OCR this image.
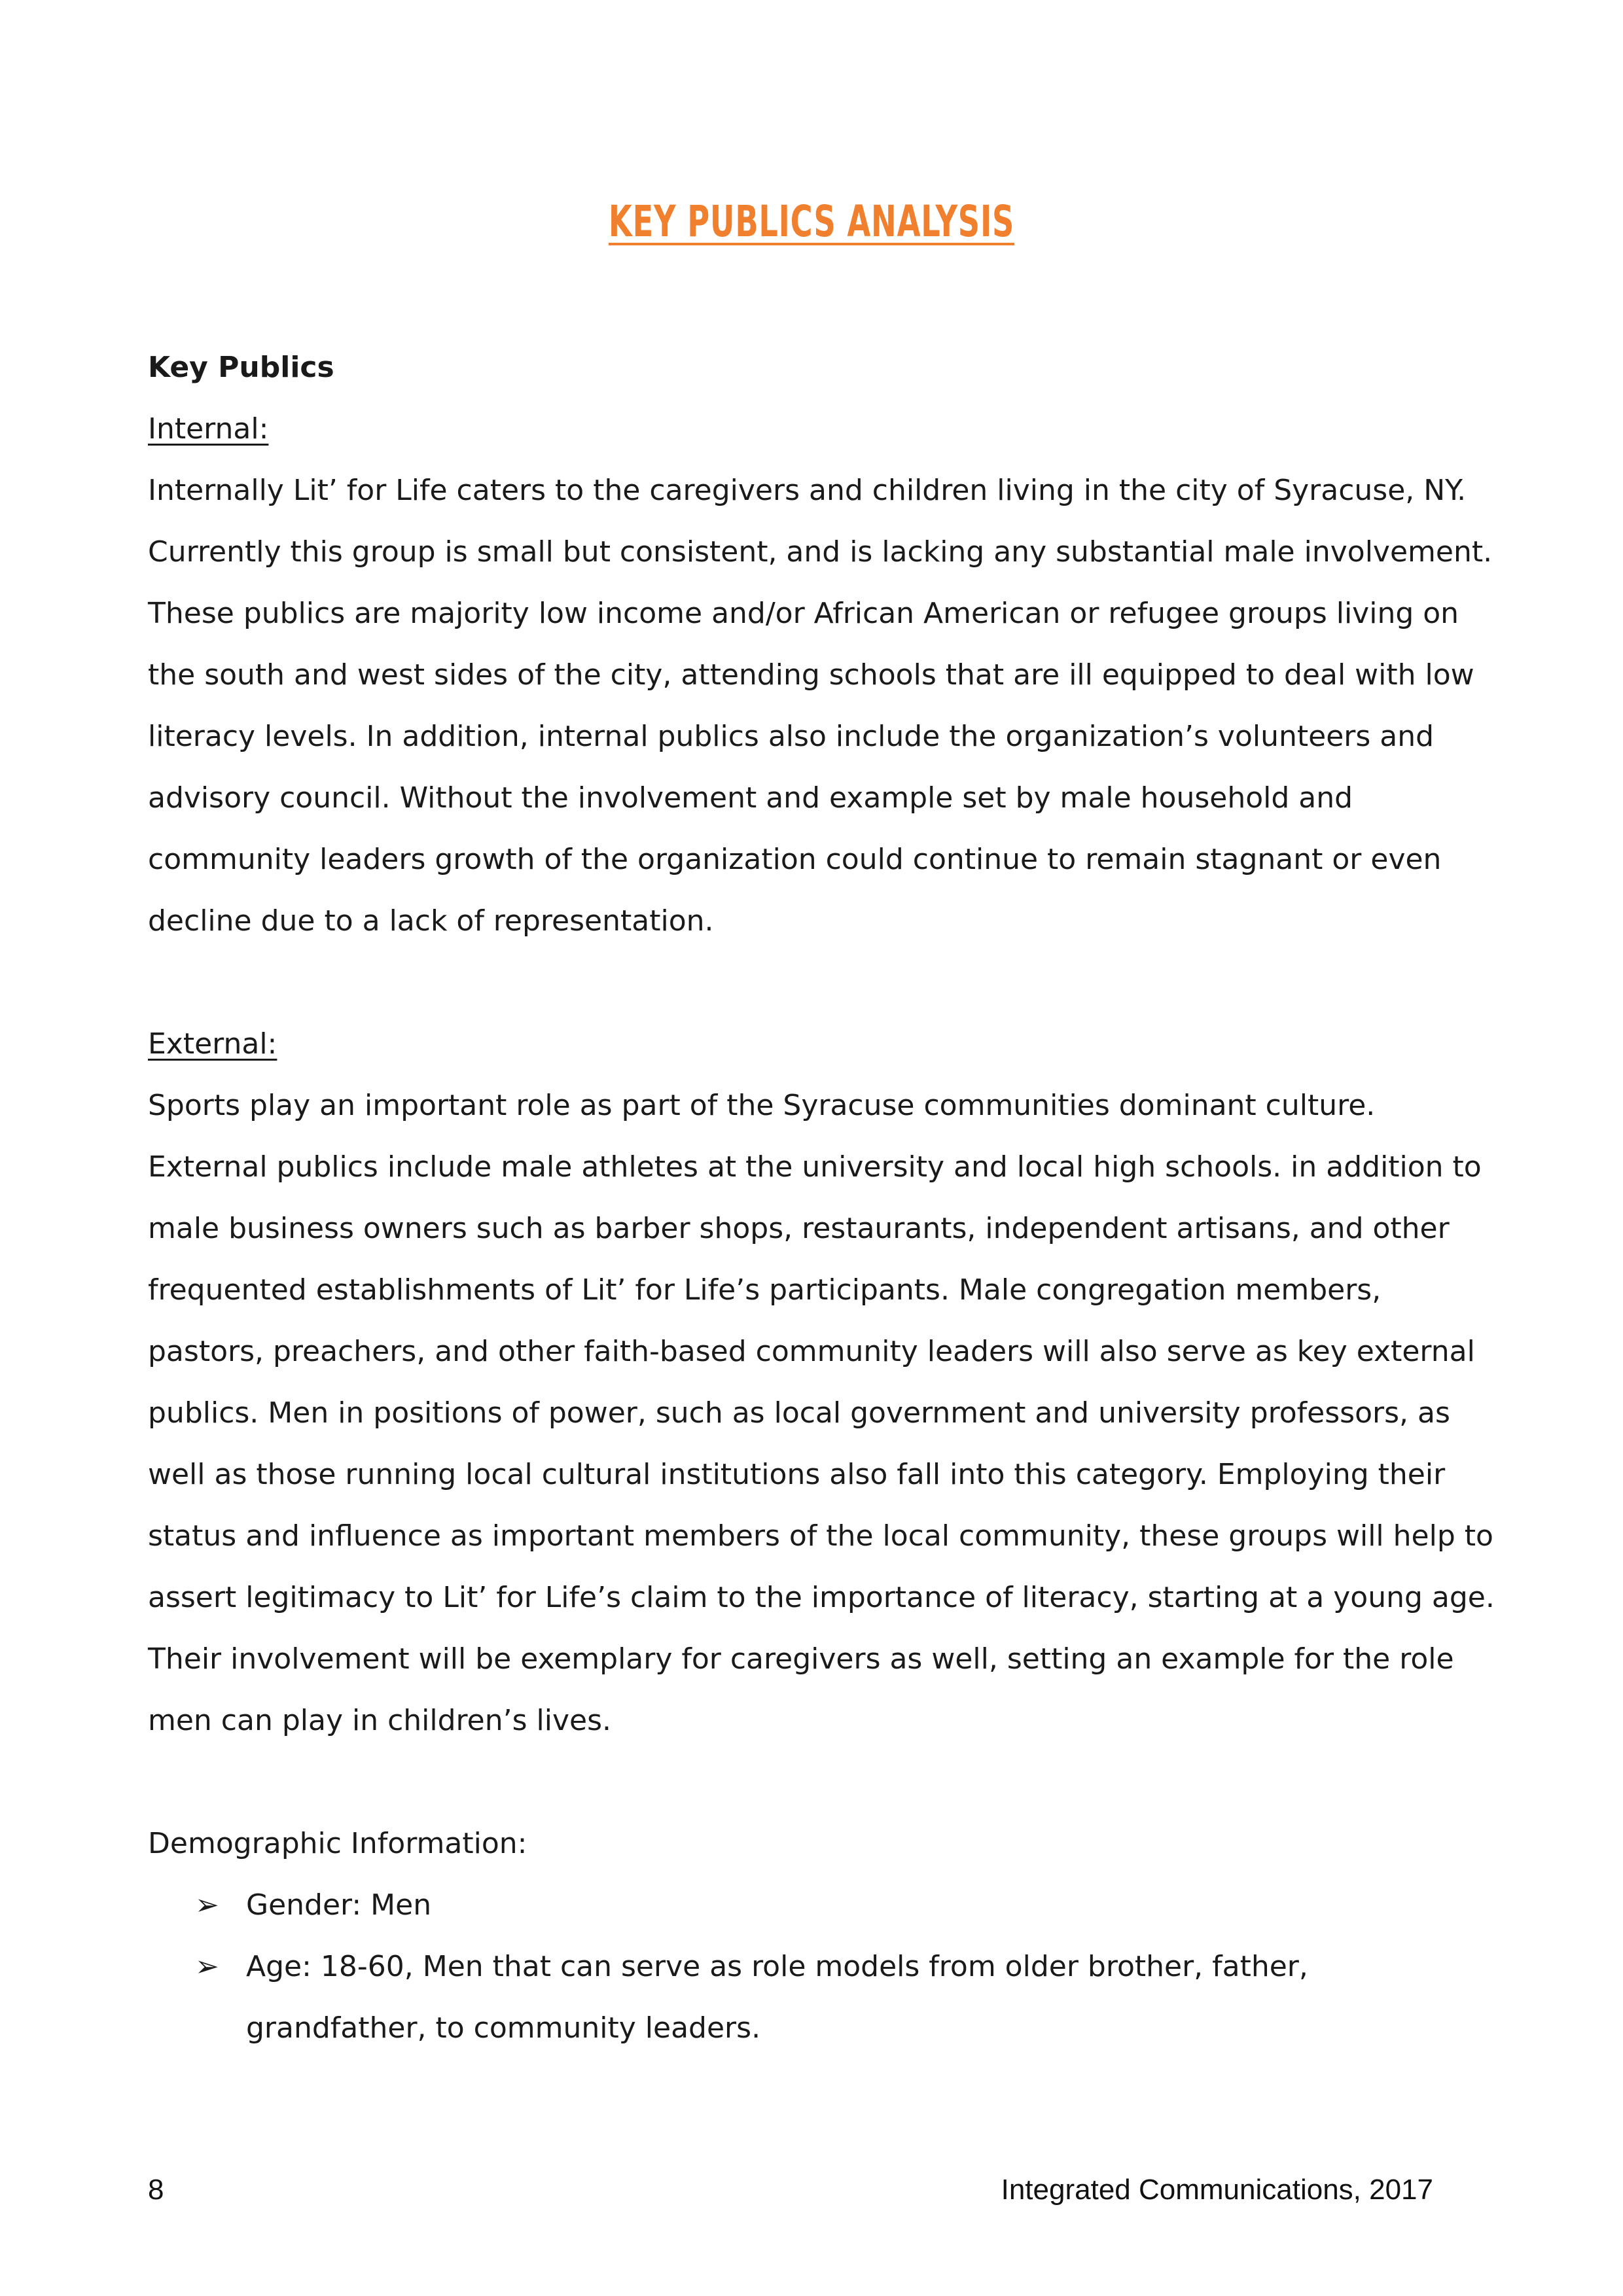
KEY PUBLICS ANALYSIS

Key Publics

Internal:

Internally Lit’ for Life caters to the caregivers and children living in the city of Syracuse, NY. Currently this group is small but consistent, and is lacking any substantial male involvement. These publics are majority low income and/or African American or refugee groups living on the south and west sides of the city, attending schools that are ill equipped to deal with low literacy levels. In addition, internal publics also include the organization’s volunteers and advisory council. Without the involvement and example set by male household and community leaders growth of the organization could continue to remain stagnant or even decline due to a lack of representation.

External:

Sports play an important role as part of the Syracuse communities dominant culture. External publics include male athletes at the university and local high schools. in addition to male business owners such as barber shops, restaurants, independent artisans, and other frequented establishments of Lit’ for Life’s participants. Male congregation members, pastors, preachers, and other faith-based community leaders will also serve as key external publics. Men in positions of power, such as local government and university professors, as well as those running local cultural institutions also fall into this category. Employing their status and influence as important members of the local community, these groups will help to assert legitimacy to Lit’ for Life’s claim to the importance of literacy, starting at a young age. Their involvement will be exemplary for caregivers as well, setting an example for the role men can play in children’s lives.

Demographic Information:

➢ Gender: Men
➢ Age: 18-60, Men that can serve as role models from older brother, father, grandfather, to community leaders.
8	Integrated Communications, 2017
